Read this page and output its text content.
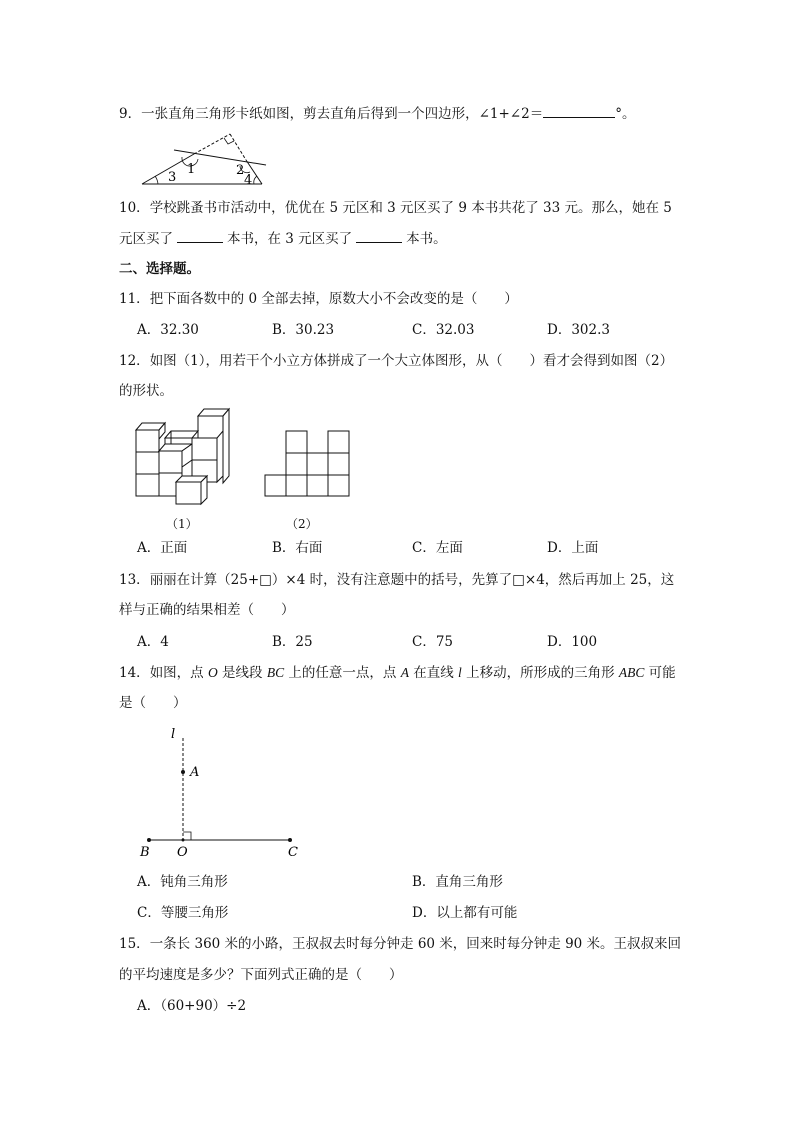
9．一张直角三角形卡纸如图，剪去直角后得到一个四边形，∠1+∠2＝	°。
1	2
3	4
10．学校跳蚤书市活动中，优优在 5 元区和 3 元区买了 9 本书共花了 33 元。那么，她在 5
元区买了	本书，在 3 元区买了	本书。
二、选择题。
11．把下面各数中的 0 全部去掉，原数大小不会改变的是（　　）
A．32.30	B．30.23	C．32.03	D．302.3
12．如图（1），用若干个小立方体拼成了一个大立体图形，从（　　）看才会得到如图（2）
的形状。
（1）	（2）
A．正面	B．右面	C．左面	D．上面
13．丽丽在计算（25+□）×4 时，没有注意题中的括号，先算了□×4，然后再加上 25，这
样与正确的结果相差（　　）
A．4	B．25	C．75	D．100
14．如图，点 O 是线段 BC 上的任意一点，点 A 在直线 l 上移动，所形成的三角形 ABC 可能
是（　　）
l
A
B O	C
A．钝角三角形	B．直角三角形
C．等腰三角形	D．以上都有可能
15．一条长 360 米的小路，王叔叔去时每分钟走 60 米，回来时每分钟走 90 米。王叔叔来回
的平均速度是多少？下面列式正确的是（　　）
A．（60+90）÷2
